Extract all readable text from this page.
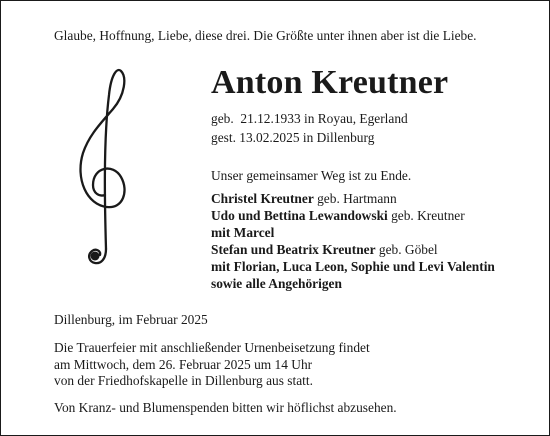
Glaube, Hoffnung, Liebe, diese drei. Die Größte unter ihnen aber ist die Liebe.
Anton Kreutner
geb.  21.12.1933 in Royau, Egerland
gest. 13.02.2025 in Dillenburg
Unser gemeinsamer Weg ist zu Ende.
Christel Kreutner geb. Hartmann
Udo und Bettina Lewandowski geb. Kreutner
mit Marcel
Stefan und Beatrix Kreutner geb. Göbel
mit Florian, Luca Leon, Sophie und Levi Valentin
sowie alle Angehörigen
Dillenburg, im Februar 2025
Die Trauerfeier mit anschließender Urnenbeisetzung findet
am Mittwoch, dem 26. Februar 2025 um 14 Uhr
von der Friedhofskapelle in Dillenburg aus statt.
Von Kranz- und Blumenspenden bitten wir höflichst abzusehen.
